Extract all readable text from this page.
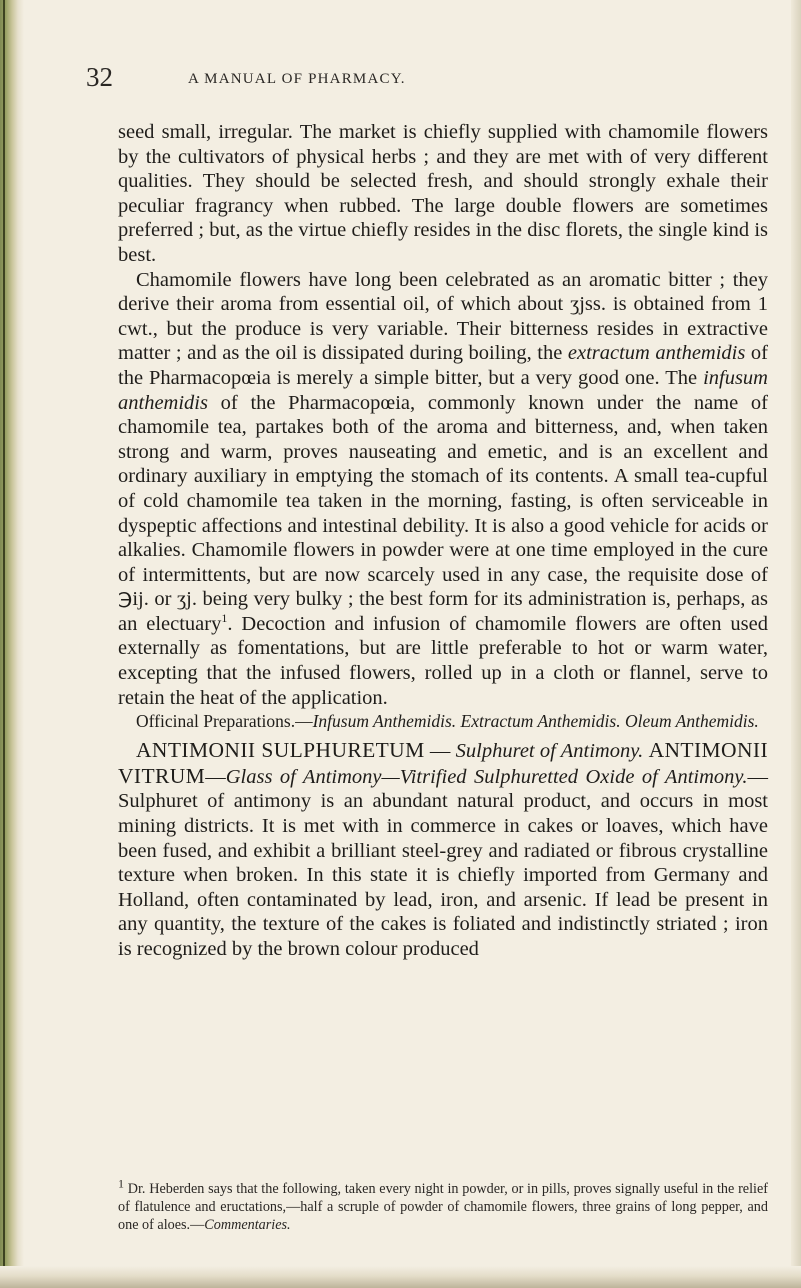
32	A MANUAL OF PHARMACY.

seed small, irregular. The market is chiefly supplied with chamomile flowers by the cultivators of physical herbs ; and they are met with of very different qualities. They should be selected fresh, and should strongly exhale their peculiar fragrancy when rubbed. The large double flowers are sometimes preferred ; but, as the virtue chiefly resides in the disc florets, the single kind is best.

Chamomile flowers have long been celebrated as an aromatic bitter ; they derive their aroma from essential oil, of which about ʒjss. is obtained from 1 cwt., but the produce is very variable. Their bitterness resides in extractive matter ; and as the oil is dissipated during boiling, the extractum anthemidis of the Pharmacopœia is merely a simple bitter, but a very good one. The infusum anthemidis of the Pharmacopœia, commonly known under the name of chamomile tea, partakes both of the aroma and bitterness, and, when taken strong and warm, proves nauseating and emetic, and is an excellent and ordinary auxiliary in emptying the stomach of its contents. A small tea-cupful of cold chamomile tea taken in the morning, fasting, is often serviceable in dyspeptic affections and intestinal debility. It is also a good vehicle for acids or alkalies. Chamomile flowers in powder were at one time employed in the cure of intermittents, but are now scarcely used in any case, the requisite dose of ℈ij. or ʒj. being very bulky ; the best form for its administration is, perhaps, as an electuary$^1$. Decoction and infusion of chamomile flowers are often used externally as fomentations, but are little preferable to hot or warm water, excepting that the infused flowers, rolled up in a cloth or flannel, serve to retain the heat of the application.

Officinal Preparations.—Infusum Anthemidis. Extractum Anthemidis. Oleum Anthemidis.

ANTIMONII SULPHURETUM — Sulphuret of Antimony. ANTIMONII VITRUM—Glass of Antimony—Vitrified Sulphuretted Oxide of Antimony.—Sulphuret of antimony is an abundant natural product, and occurs in most mining districts. It is met with in commerce in cakes or loaves, which have been fused, and exhibit a brilliant steel-grey and radiated or fibrous crystalline texture when broken. In this state it is chiefly imported from Germany and Holland, often contaminated by lead, iron, and arsenic. If lead be present in any quantity, the texture of the cakes is foliated and indistinctly striated ; iron is recognized by the brown colour produced

$^1$ Dr. Heberden says that the following, taken every night in powder, or in pills, proves signally useful in the relief of flatulence and eructations,—half a scruple of powder of chamomile flowers, three grains of long pepper, and one of aloes.—Commentaries.
